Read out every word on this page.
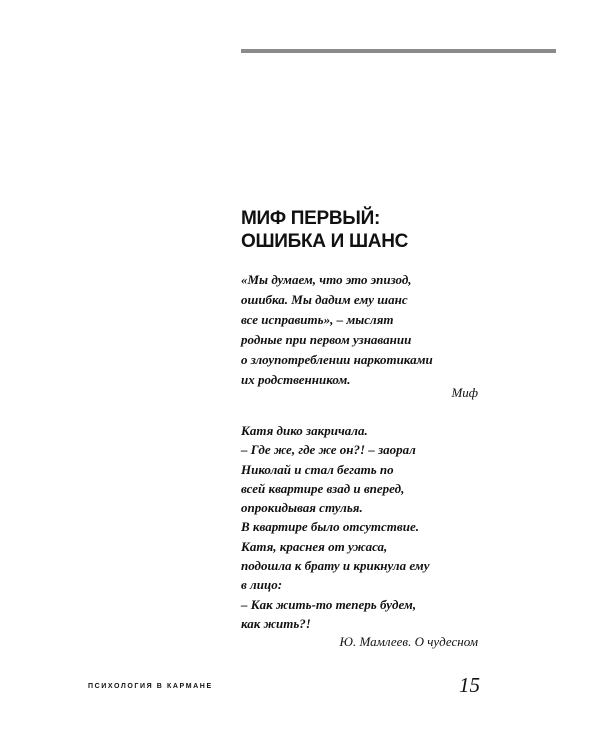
МИФ ПЕРВЫЙ:
ОШИБКА И ШАНС
«Мы думаем, что это эпизод,
ошибка. Мы дадим ему шанс
все исправить», – мыслят
родные при первом узнавании
о злоупотреблении наркотиками
их родственником.
Миф
Катя дико закричала.
– Где же, где же он?! – заорал
Николай и стал бегать по
всей квартире взад и вперед,
опрокидывая стулья.
В квартире было отсутствие.
Катя, краснея от ужаса,
подошла к брату и крикнула ему
в лицо:
– Как жить-то теперь будем,
как жить?!
Ю. Мамлеев. О чудесном
ПСИХОЛОГИЯ В КАРМАНЕ	15
